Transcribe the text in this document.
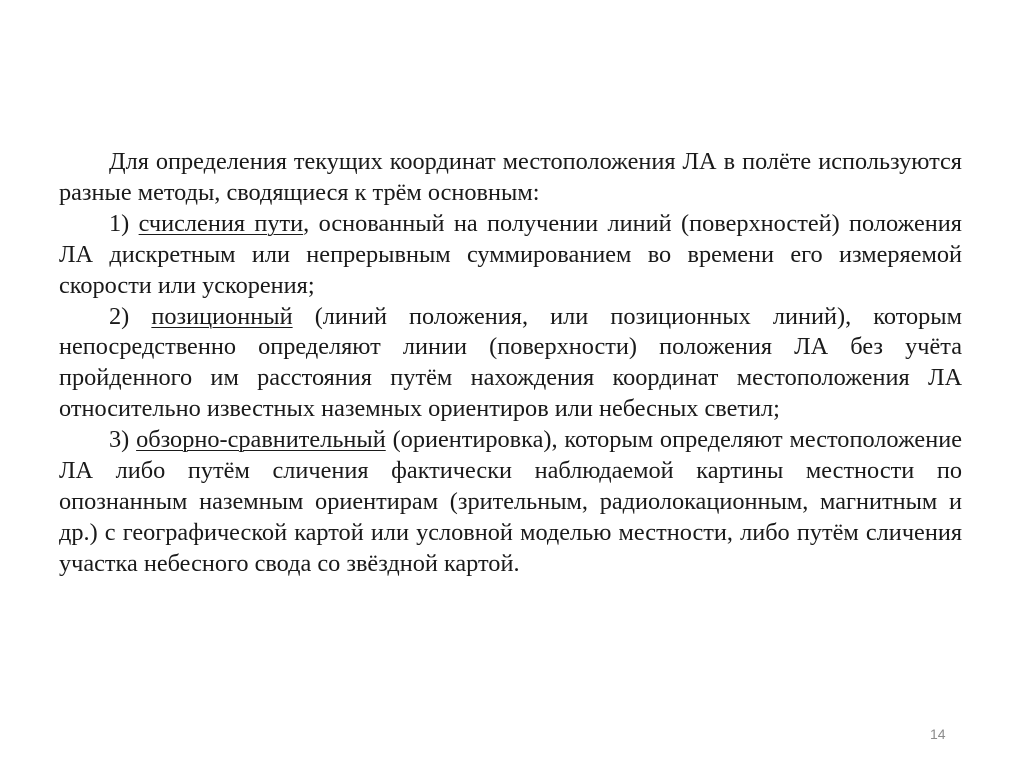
Для определения текущих координат местоположения ЛА в полёте используются разные методы, сводящиеся к трём основным:

1) счисления пути, основанный на получении линий (поверхностей) положения ЛА дискретным или непрерывным суммированием во времени его измеряемой скорости или ускорения;

2) позиционный (линий положения, или позиционных линий), которым непосредственно определяют линии (поверхности) положения ЛА без учёта пройденного им расстояния путём нахождения координат местоположения ЛА относительно известных наземных ориентиров или небесных светил;

3) обзорно-сравнительный (ориентировка), которым определяют местоположение ЛА либо путём сличения фактически наблюдаемой картины местности по опознанным наземным ориентирам (зрительным, радиолокационным, магнитным и др.) с географической картой или условной моделью местности, либо путём сличения участка небесного свода со звёздной картой.

14
